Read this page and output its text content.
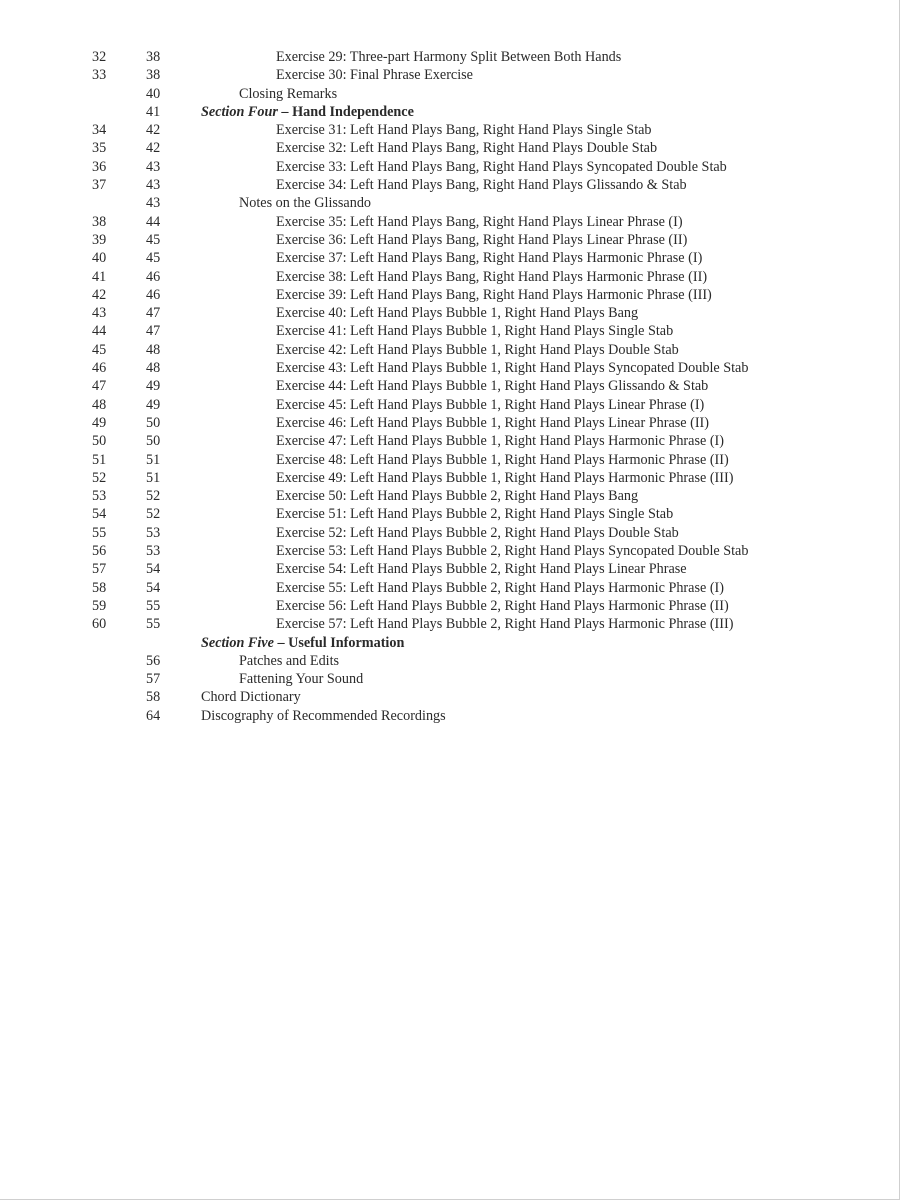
32	38	Exercise 29: Three-part Harmony Split Between Both Hands
33	38	Exercise 30: Final Phrase Exercise
40	Closing Remarks
41	Section Four – Hand Independence
34	42	Exercise 31: Left Hand Plays Bang, Right Hand Plays Single Stab
35	42	Exercise 32: Left Hand Plays Bang, Right Hand Plays Double Stab
36	43	Exercise 33: Left Hand Plays Bang, Right Hand Plays Syncopated Double Stab
37	43	Exercise 34: Left Hand Plays Bang, Right Hand Plays Glissando & Stab
43	Notes on the Glissando
38	44	Exercise 35: Left Hand Plays Bang, Right Hand Plays Linear Phrase (I)
39	45	Exercise 36: Left Hand Plays Bang, Right Hand Plays Linear Phrase (II)
40	45	Exercise 37: Left Hand Plays Bang, Right Hand Plays Harmonic Phrase (I)
41	46	Exercise 38: Left Hand Plays Bang, Right Hand Plays Harmonic Phrase (II)
42	46	Exercise 39: Left Hand Plays Bang, Right Hand Plays Harmonic Phrase (III)
43	47	Exercise 40: Left Hand Plays Bubble 1, Right Hand Plays Bang
44	47	Exercise 41: Left Hand Plays Bubble 1, Right Hand Plays Single Stab
45	48	Exercise 42: Left Hand Plays Bubble 1, Right Hand Plays Double Stab
46	48	Exercise 43: Left Hand Plays Bubble 1, Right Hand Plays Syncopated Double Stab
47	49	Exercise 44: Left Hand Plays Bubble 1, Right Hand Plays Glissando & Stab
48	49	Exercise 45: Left Hand Plays Bubble 1, Right Hand Plays Linear Phrase (I)
49	50	Exercise 46: Left Hand Plays Bubble 1, Right Hand Plays Linear Phrase (II)
50	50	Exercise 47: Left Hand Plays Bubble 1, Right Hand Plays Harmonic Phrase (I)
51	51	Exercise 48: Left Hand Plays Bubble 1, Right Hand Plays Harmonic Phrase (II)
52	51	Exercise 49: Left Hand Plays Bubble 1, Right Hand Plays Harmonic Phrase (III)
53	52	Exercise 50: Left Hand Plays Bubble 2, Right Hand Plays Bang
54	52	Exercise 51: Left Hand Plays Bubble 2, Right Hand Plays Single Stab
55	53	Exercise 52: Left Hand Plays Bubble 2, Right Hand Plays Double Stab
56	53	Exercise 53: Left Hand Plays Bubble 2, Right Hand Plays Syncopated Double Stab
57	54	Exercise 54: Left Hand Plays Bubble 2, Right Hand Plays Linear Phrase
58	54	Exercise 55: Left Hand Plays Bubble 2, Right Hand Plays Harmonic Phrase (I)
59	55	Exercise 56: Left Hand Plays Bubble 2, Right Hand Plays Harmonic Phrase (II)
60	55	Exercise 57: Left Hand Plays Bubble 2, Right Hand Plays Harmonic Phrase (III)
Section Five – Useful Information
56	Patches and Edits
57	Fattening Your Sound
58	Chord Dictionary
64	Discography of Recommended Recordings
